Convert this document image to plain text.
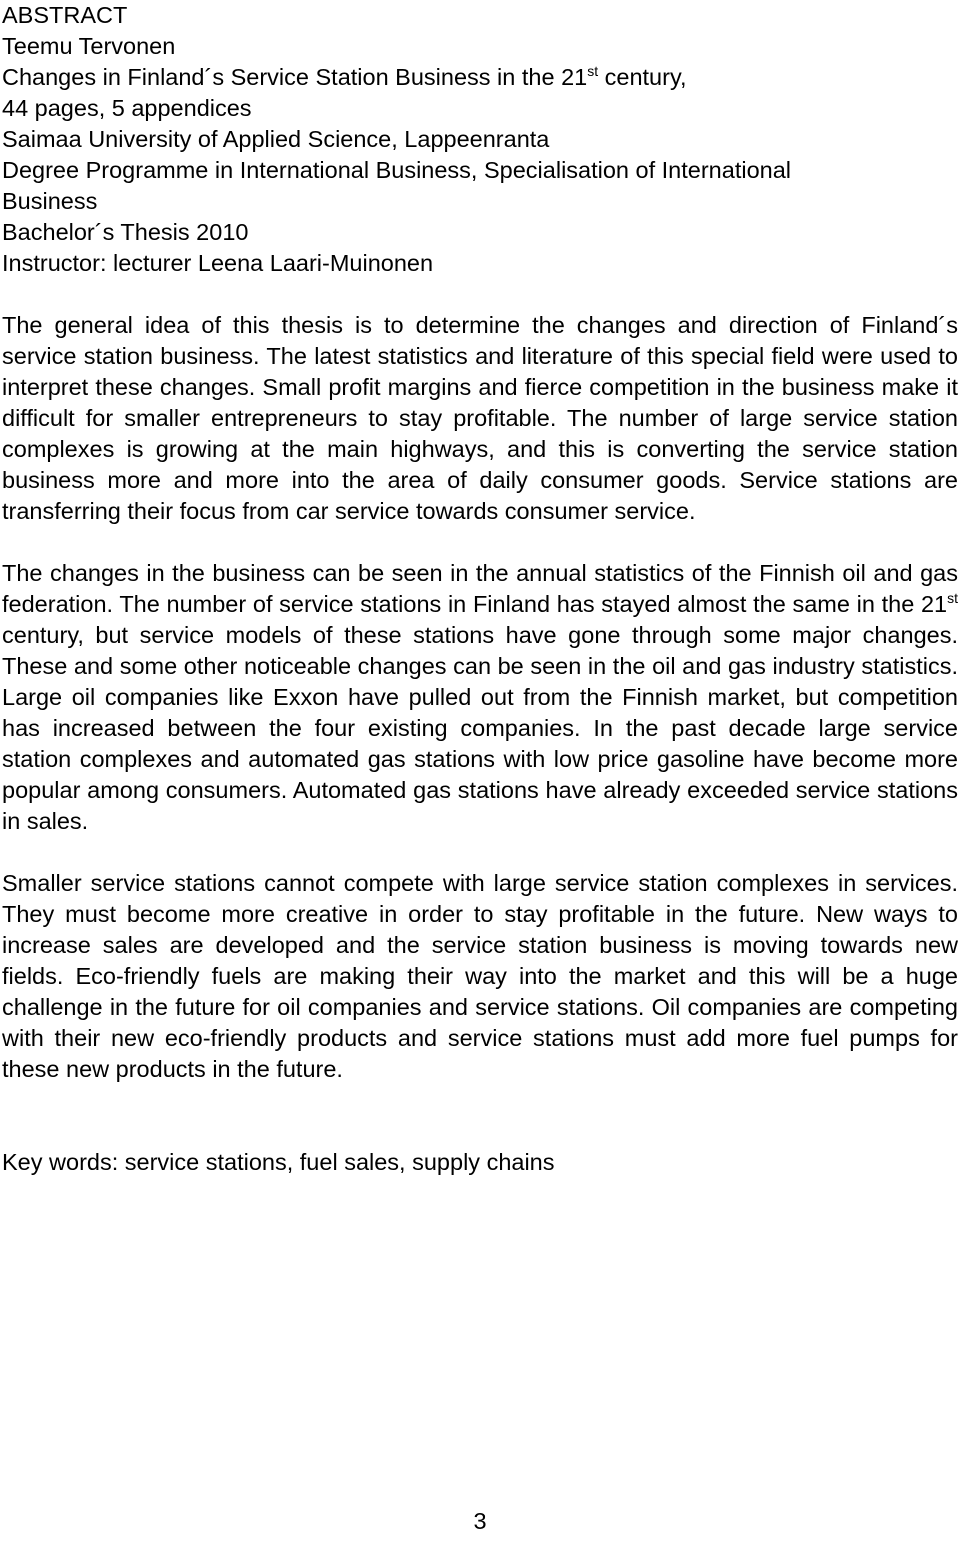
ABSTRACT
Teemu Tervonen
Changes in Finland´s Service Station Business in the 21st century,
44 pages, 5 appendices
Saimaa University of Applied Science, Lappeenranta
Degree Programme in International Business, Specialisation of International
Business
Bachelor´s Thesis 2010
Instructor: lecturer Leena Laari-Muinonen

The general idea of this thesis is to determine the changes and direction of Finland´s service station business. The latest statistics and literature of this special field were used to interpret these changes. Small profit margins and fierce competition in the business make it difficult for smaller entrepreneurs to stay profitable. The number of large service station complexes is growing at the main highways, and this is converting the service station business more and more into the area of daily consumer goods. Service stations are transferring their focus from car service towards consumer service.

The changes in the business can be seen in the annual statistics of the Finnish oil and gas federation. The number of service stations in Finland has stayed almost the same in the 21st century, but service models of these stations have gone through some major changes. These and some other noticeable changes can be seen in the oil and gas industry statistics. Large oil companies like Exxon have pulled out from the Finnish market, but competition has increased between the four existing companies. In the past decade large service station complexes and automated gas stations with low price gasoline have become more popular among consumers. Automated gas stations have already exceeded service stations in sales.

Smaller service stations cannot compete with large service station complexes in services. They must become more creative in order to stay profitable in the future. New ways to increase sales are developed and the service station business is moving towards new fields. Eco-friendly fuels are making their way into the market and this will be a huge challenge in the future for oil companies and service stations. Oil companies are competing with their new eco-friendly products and service stations must add more fuel pumps for these new products in the future.

Key words: service stations, fuel sales, supply chains
3
